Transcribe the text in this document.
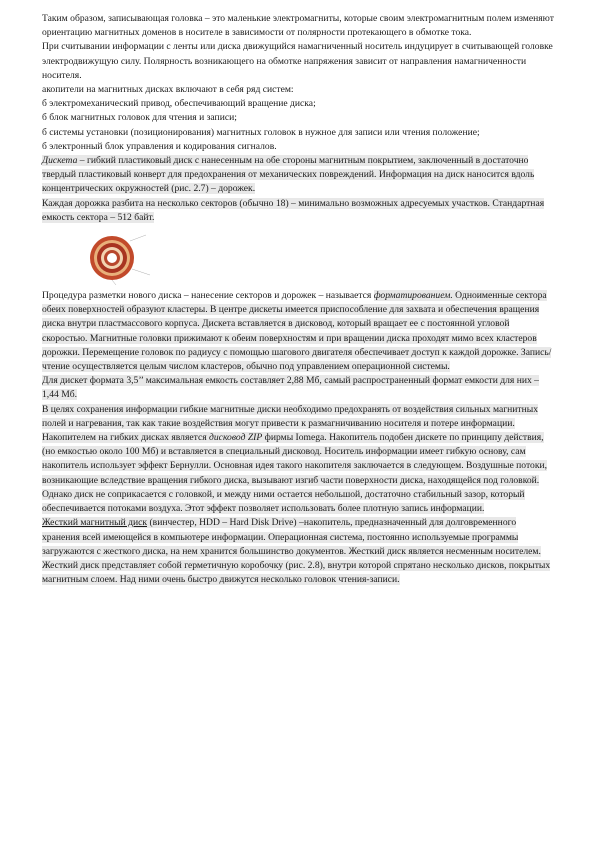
Таким образом, записывающая головка – это маленькие электромагниты, которые своим электромагнитным полем изменяют ориентацию магнитных доменов в носителе в зависимости от полярности протекающего в обмотке тока.

При считывании информации с ленты или диска движущийся намагниченный носитель индуцирует в считывающей головке электродвижущую силу. Полярность возникающего на обмотке напряжения зависит от направления намагниченности носителя.

акопители на магнитных дисках включают в себя ряд систем:

б электромеханический привод, обеспечивающий вращение диска;

б блок магнитных головок для чтения и записи;

б системы установки (позиционирования) магнитных головок в нужное для записи или чтения положение;

б электронный блок управления и кодирования сигналов.

Дискета – гибкий пластиковый диск с нанесенным на обе стороны магнитным покрытием, заключенный в достаточно твердый пластиковый конверт для предохранения от механических повреждений. Информация на диск наносится вдоль концентрических окружностей (рис. 2.7) – дорожек.

Каждая дорожка разбита на несколько секторов (обычно 18) – минимально возможных адресуемых участков. Стандартная емкость сектора – 512 байт.

Процедура разметки нового диска – нанесение секторов и дорожек – называется форматированием. Одноименные сектора обеих поверхностей образуют кластеры. В центре дискеты имеется приспособление для захвата и обеспечения вращения диска внутри пластмассового корпуса. Дискета вставляется в дисковод, который вращает ее с постоянной угловой скоростью. Магнитные головки прижимают к обеим поверхностям и при вращении диска проходят мимо всех кластеров дорожки. Перемещение головок по радиусу с помощью шагового двигателя обеспечивает доступ к каждой дорожке. Запись/чтение осуществляется целым числом кластеров, обычно под управлением операционной системы.

Для дискет формата 3,5’’ максимальная емкость составляет 2,88 Мб, самый распространенный формат емкости для них – 1,44 Мб.

В целях сохранения информации гибкие магнитные диски необходимо предохранять от воздействия сильных магнитных полей и нагревания, так как такие воздействия могут привести к размагничиванию носителя и потере информации.

Накопителем на гибких дисках является дисковод ZIP фирмы Iomega. Накопитель подобен дискете по принципу действия, (но емкостью около 100 Мб) и вставляется в специальный дисковод. Носитель информации имеет гибкую основу, сам накопитель использует эффект Бернулли. Основная идея такого накопителя заключается в следующем. Воздушные потоки, возникающие вследствие вращения гибкого диска, вызывают изгиб части поверхности диска, находящейся под головкой. Однако диск не соприкасается с головкой, и между ними остается небольшой, достаточно стабильный зазор, который обеспечивается потоками воздуха. Этот эффект позволяет использовать более плотную запись информации.

Жесткий магнитный диск (винчестер, HDD – Hard Disk Drive) –накопитель, предназначенный для долговременного хранения всей имеющейся в компьютере информации. Операционная система, постоянно используемые программы загружаются с жесткого диска, на нем хранится большинство документов. Жесткий диск является несменным носителем.

Жесткий диск представляет собой герметичную коробочку (рис. 2.8), внутри которой спрятано несколько дисков, покрытых магнитным слоем. Над ними очень быстро движутся несколько головок чтения-записи.
